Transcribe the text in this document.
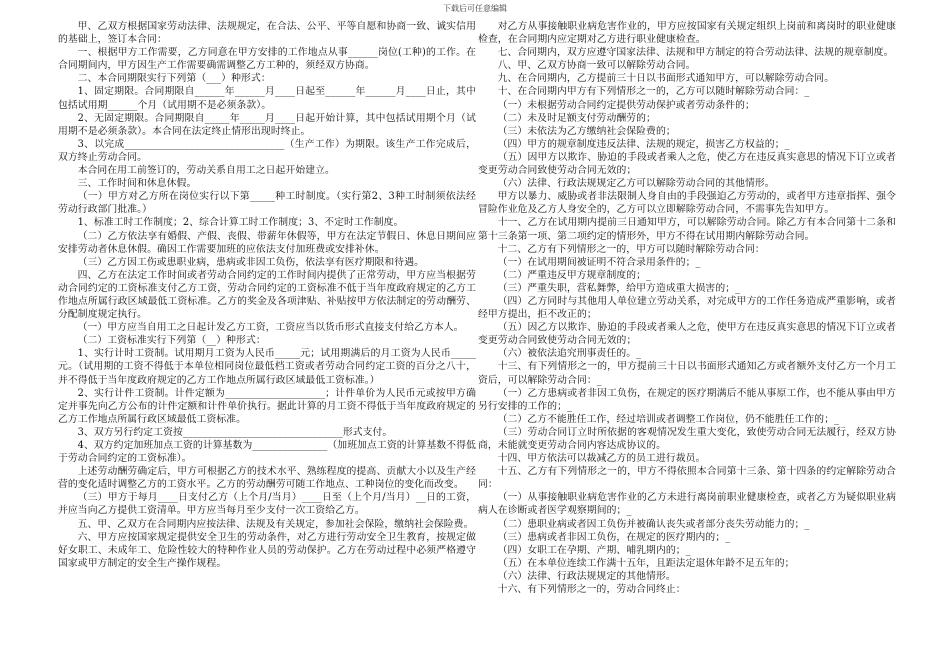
下载后可任意编辑

甲、乙双方根据国家劳动法律、法规规定，在合法、公平、平等自愿和协商一致、诚实信用的基础上，签订本合同：

一、根据甲方工作需要，乙方同意在甲方安排的工作地点从事______岗位(工种)的工作。在合同期间内，甲方因生产工作需要确需调整乙方工种的，须经双方协商。

二、本合同期限实行下列第（___）种形式：

1、固定期限。合同期限自______年______月____日起至______年______月____日止，其中包括试用期______个月（试用期不是必须条款）。

2、无固定期限。合同期限自_____年_____月____日起开始计算，其中包括试用期个月（试用期不是必须条款）。本合同在法定终止情形出现时终止。

3、以完成________________________________（生产工作）为期限。该生产工作完成后，双方终止劳动合同。

本合同在用工前签订的，劳动关系自用工之日起开始建立。

三、工作时间和休息休假。

（一）甲方对乙方所在岗位实行以下第_____种工时制度。（实行第2、3种工时制须依法经劳动行政部门批准。）

1、标准工时工作制度；2、综合计算工时工作制度；3、不定时工作制度。

（二）乙方依法享有婚假、产假、丧假、带薪年休假等，甲方在法定节假日、休息日期间应安排劳动者休息休假。确因工作需要加班的应依法支付加班费或安排补休。

（三）乙方因工伤或患职业病，患病或非因工负伤，依法享有医疗期限和待遇。

四、乙方在法定工作时间或者劳动合同约定的工作时间内提供了正常劳动，甲方应当根据劳动合同约定的工资标准支付乙方工资，劳动合同约定的工资标准不低于当年度政府规定的乙方工作地点所属行政区域最低工资标准。乙方的奖金及各项津贴、补贴按甲方依法制定的劳动酬劳、分配制度规定执行。

（一）甲方应当自用工之日起计发乙方工资，工资应当以货币形式直接支付给乙方本人。

（二）工资标准实行下列第（__）种形式：

1、实行计时工资制。试用期月工资为人民币_____元；试用期满后的月工资为人民币_____元。（试用期的工资不得低于本单位相同岗位最低档工资或者劳动合同约定工资的百分之八十，并不得低于当年度政府规定的乙方工作地点所属行政区域最低工资标准。）

2、实行计件工资制。计件定额为____________________；计件单价为人民币元或按甲方确定并事先向乙方公布的计件定额和计件单价执行。据此计算的月工资不得低于当年度政府规定的乙方工作地点所属行政区域最低工资标准。

3、双方另行约定工资按________________________________形式支付。

4、双方约定加班加点工资的计算基数为_______________（加班加点工资的计算基数不得低于劳动合同约定的工资标准）。

上述劳动酬劳确定后，甲方可根据乙方的技术水平、熟练程度的提高、贡献大小以及生产经营的变化适时调整乙方的工资水平。乙方的劳动酬劳可随工作地点、工种岗位的变化而改变。

（三）甲方于每月____日支付乙方（上个月/当月）____日至（上个月/当月）__日的工资，并应当向乙方提供工资清单。甲方应当每月至少支付一次工资给乙方。

五、甲、乙双方在合同期内应按法律、法规及有关规定，参加社会保险，缴纳社会保险费。

六、甲方应按国家规定提供安全卫生的劳动条件，对乙方进行劳动安全卫生教育，按规定做好女职工、未成年工、危险性较大的特种作业人员的劳动保护。乙方在劳动过程中必须严格遵守国家或甲方制定的安全生产操作规程。

对乙方从事接触职业病危害作业的，甲方应按国家有关规定组织上岗前和离岗时的职业健康检查，在合同期内应定期对乙方进行职业健康检查。

七、合同期内，双方应遵守国家法律、法规和甲方制定的符合劳动法律、法规的规章制度。

八、甲、乙双方协商一致可以解除劳动合同。

九、在合同期内，乙方提前三十日以书面形式通知甲方，可以解除劳动合同。

十、在合同期内甲方有下列情形之一的，乙方可以随时解除劳动合同：_

（一）未根据劳动合同约定提供劳动保护或者劳动条件的；

（二）未及时足额支付劳动酬劳的；

（三）未依法为乙方缴纳社会保险费的；

（四）甲方的规章制度违反法律、法规的规定，损害乙方权益的；_

（五）因甲方以欺诈、胁迫的手段或者乘人之危，使乙方在违反真实意思的情况下订立或者变更劳动合同致使劳动合同无效的；

（六）法律、行政法规规定乙方可以解除劳动合同的其他情形。

甲方以暴力、威胁或者非法限制人身自由的手段强迫乙方劳动的，或者甲方违章指挥、强令冒险作业危及乙方人身安全的，乙方可以立即解除劳动合同，不需事先告知甲方。

十一、乙方在试用期内提前三日通知甲方，可以解除劳动合同。除乙方有本合同第十二条和第十三条第一项、第二项约定的情形外，甲方不得在试用期内解除劳动合同。

十二、乙方有下列情形之一的，甲方可以随时解除劳动合同：

（一）在试用期间被证明不符合录用条件的；_

（二）严重违反甲方规章制度的；_

（三）严重失职，营私舞弊，给甲方造成重大损害的；_

（四）乙方同时与其他用人单位建立劳动关系，对完成甲方的工作任务造成严重影响，或者经甲方提出，拒不改正的；

（五）因乙方以欺诈、胁迫的手段或者乘人之危，使甲方在违反真实意思的情况下订立或者变更劳动合同致使劳动合同无效的；

（六）被依法追究刑事责任的。_

十三、有下列情形之一的，甲方提前三十日以书面形式通知乙方或者额外支付乙方一个月工资后，可以解除劳动合同：_

（一）乙方患病或者非因工负伤，在规定的医疗期满后不能从事原工作，也不能从事由甲方另行安排的工作的；_

（二）乙方不能胜任工作，经过培训或者调整工作岗位，仍不能胜任工作的；_

（三）劳动合同订立时所依据的客观情况发生重大变化，致使劳动合同无法履行，经双方协商，未能就变更劳动合同内容达成协议的。

十四、甲方依法可以裁减乙方的员工进行裁员。

十五、乙方有下列情形之一的，甲方不得依照本合同第十三条、第十四条的约定解除劳动合同：

（一）从事接触职业病危害作业的乙方未进行离岗前职业健康检查，或者乙方为疑似职业病病人在诊断或者医学观察期间的；_

（二）患职业病或者因工负伤并被确认丧失或者部分丧失劳动能力的；_

（三）患病或者非因工负伤，在规定的医疗期内的；_

（四）女职工在孕期、产期、哺乳期内的；_

（五）在本单位连续工作满十五年，且距法定退休年龄不足五年的；

（六）法律、行政法规规定的其他情形。

十六、有下列情形之一的，劳动合同终止：
